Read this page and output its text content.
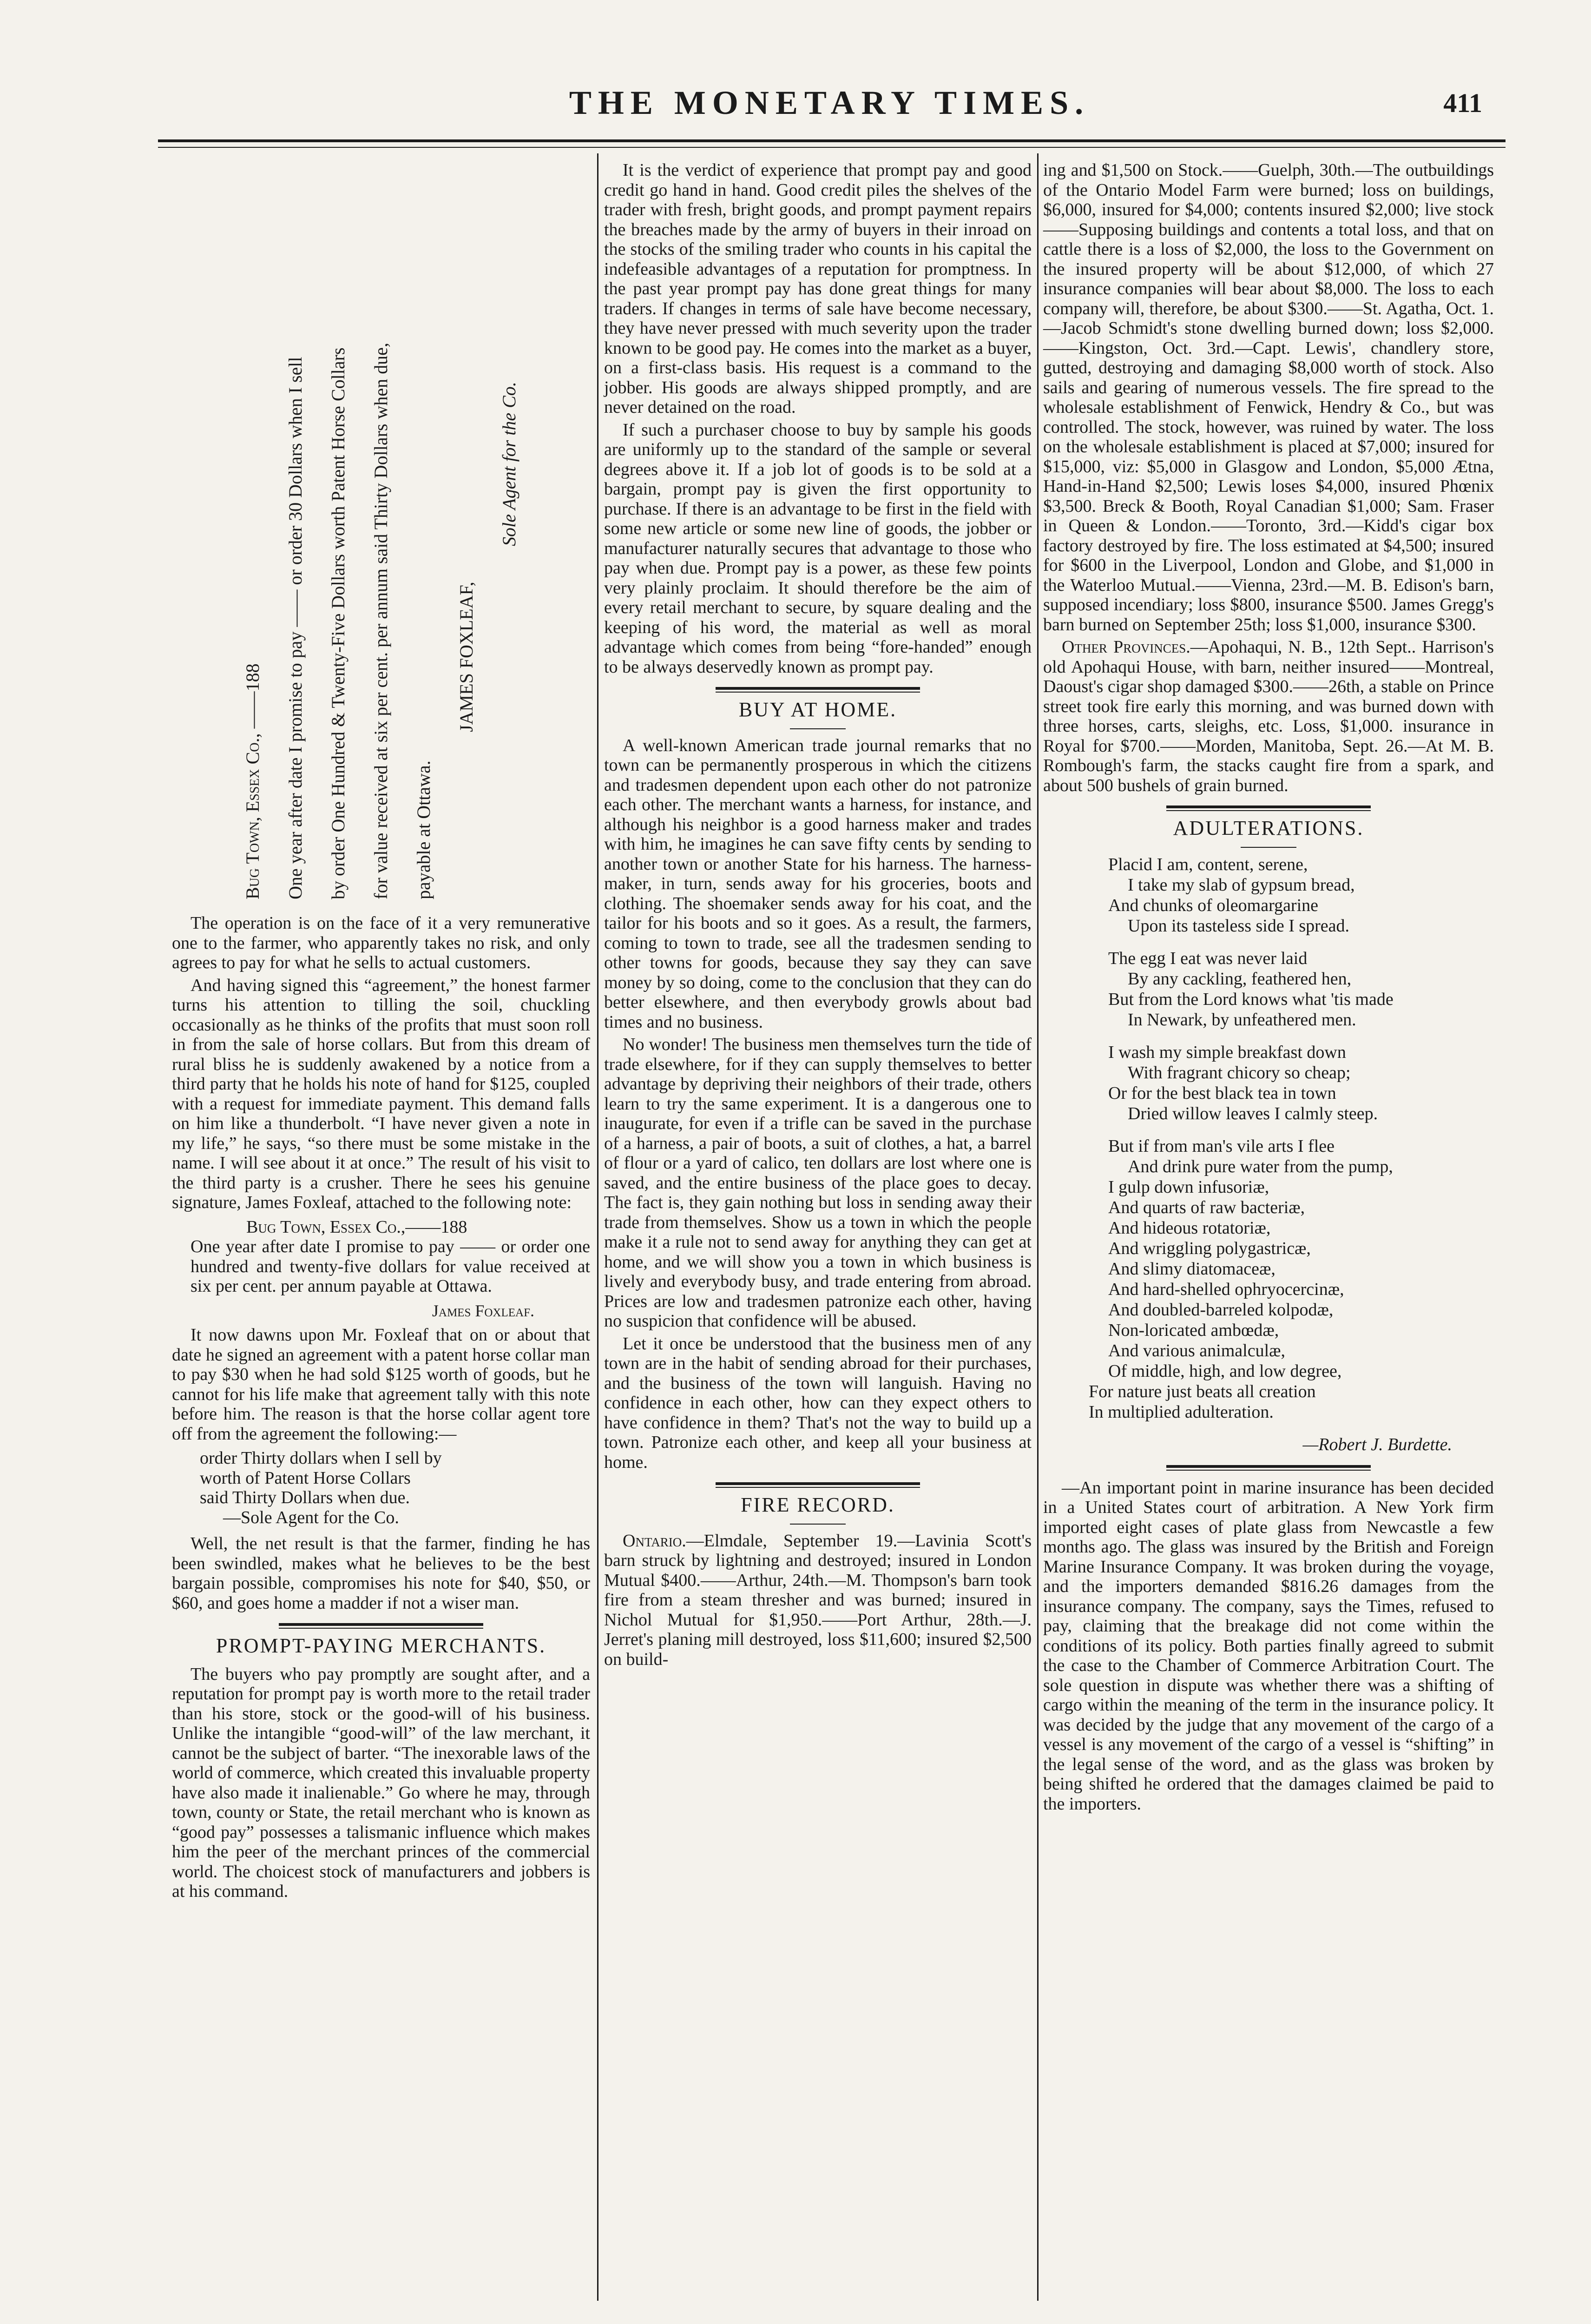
THE MONETARY TIMES.	411
Bug Town, Essex Co., ——188	One year after date I promise to pay —— or order 30 Dollars when I sell	by order One Hundred & Twenty-Five Dollars worth Patent Horse Collars	for value received at six per cent. per annum said Thirty Dollars when due,	payable at Ottawa.
JAMES FOXLEAF,
Sole Agent for the Co.

The operation is on the face of it a very remunerative one to the farmer, who apparently takes no risk, and only agrees to pay for what he sells to actual customers.

And having signed this “agreement,” the honest farmer turns his attention to tilling the soil, chuckling occasionally as he thinks of the profits that must soon roll in from the sale of horse collars. But from this dream of rural bliss he is suddenly awakened by a notice from a third party that he holds his note of hand for $125, coupled with a request for immediate payment. This demand falls on him like a thunderbolt. “I have never given a note in my life,” he says, “so there must be some mistake in the name. I will see about it at once.” The result of his visit to the third party is a crusher. There he sees his genuine signature, James Foxleaf, attached to the following note:

Bug Town, Essex Co.,——188
One year after date I promise to pay —— or order one hundred and twenty-five dollars for value received at six per cent. per annum payable at Ottawa.
James Foxleaf.

It now dawns upon Mr. Foxleaf that on or about that date he signed an agreement with a patent horse collar man to pay $30 when he had sold $125 worth of goods, but he cannot for his life make that agreement tally with this note before him. The reason is that the horse collar agent tore off from the agreement the following:—

order Thirty dollars when I sell by
worth of Patent Horse Collars
said Thirty Dollars when due.
—Sole Agent for the Co.

Well, the net result is that the farmer, finding he has been swindled, makes what he believes to be the best bargain possible, compromises his note for $40, $50, or $60, and goes home a madder if not a wiser man.

PROMPT-PAYING MERCHANTS.

The buyers who pay promptly are sought after, and a reputation for prompt pay is worth more to the retail trader than his store, stock or the good-will of his business. Unlike the intangible “good-will” of the law merchant, it cannot be the subject of barter. “The inexorable laws of the world of commerce, which created this invaluable property have also made it inalienable.” Go where he may, through town, county or State, the retail merchant who is known as “good pay” possesses a talismanic influence which makes him the peer of the merchant princes of the commercial world. The choicest stock of manufacturers and jobbers is at his command.

It is the verdict of experience that prompt pay and good credit go hand in hand. Good credit piles the shelves of the trader with fresh, bright goods, and prompt payment repairs the breaches made by the army of buyers in their inroad on the stocks of the smiling trader who counts in his capital the indefeasible advantages of a reputation for promptness. In the past year prompt pay has done great things for many traders. If changes in terms of sale have become necessary, they have never pressed with much severity upon the trader known to be good pay. He comes into the market as a buyer, on a first-class basis. His request is a command to the jobber. His goods are always shipped promptly, and are never detained on the road.

If such a purchaser choose to buy by sample his goods are uniformly up to the standard of the sample or several degrees above it. If a job lot of goods is to be sold at a bargain, prompt pay is given the first opportunity to purchase. If there is an advantage to be first in the field with some new article or some new line of goods, the jobber or manufacturer naturally secures that advantage to those who pay when due. Prompt pay is a power, as these few points very plainly proclaim. It should therefore be the aim of every retail merchant to secure, by square dealing and the keeping of his word, the material as well as moral advantage which comes from being “fore-handed” enough to be always deservedly known as prompt pay.

BUY AT HOME.

A well-known American trade journal remarks that no town can be permanently prosperous in which the citizens and tradesmen dependent upon each other do not patronize each other. The merchant wants a harness, for instance, and although his neighbor is a good harness maker and trades with him, he imagines he can save fifty cents by sending to another town or another State for his harness. The harness-maker, in turn, sends away for his groceries, boots and clothing. The shoemaker sends away for his coat, and the tailor for his boots and so it goes. As a result, the farmers, coming to town to trade, see all the tradesmen sending to other towns for goods, because they say they can save money by so doing, come to the conclusion that they can do better elsewhere, and then everybody growls about bad times and no business.

No wonder! The business men themselves turn the tide of trade elsewhere, for if they can supply themselves to better advantage by depriving their neighbors of their trade, others learn to try the same experiment. It is a dangerous one to inaugurate, for even if a trifle can be saved in the purchase of a harness, a pair of boots, a suit of clothes, a hat, a barrel of flour or a yard of calico, ten dollars are lost where one is saved, and the entire business of the place goes to decay. The fact is, they gain nothing but loss in sending away their trade from themselves. Show us a town in which the people make it a rule not to send away for anything they can get at home, and we will show you a town in which business is lively and everybody busy, and trade entering from abroad. Prices are low and tradesmen patronize each other, having no suspicion that confidence will be abused.

Let it once be understood that the business men of any town are in the habit of sending abroad for their purchases, and the business of the town will languish. Having no confidence in each other, how can they expect others to have confidence in them? That's not the way to build up a town. Patronize each other, and keep all your business at home.

FIRE RECORD.

Ontario.—Elmdale, September 19.—Lavinia Scott's barn struck by lightning and destroyed; insured in London Mutual $400.——Arthur, 24th.—M. Thompson's barn took fire from a steam thresher and was burned; insured in Nichol Mutual for $1,950.——Port Arthur, 28th.—J. Jerret's planing mill destroyed, loss $11,600; insured $2,500 on build-

ing and $1,500 on Stock.——Guelph, 30th.—The outbuildings of the Ontario Model Farm were burned; loss on buildings, $6,000, insured for $4,000; contents insured $2,000; live stock——Supposing buildings and contents a total loss, and that on cattle there is a loss of $2,000, the loss to the Government on the insured property will be about $12,000, of which 27 insurance companies will bear about $8,000. The loss to each company will, therefore, be about $300.——St. Agatha, Oct. 1.—Jacob Schmidt's stone dwelling burned down; loss $2,000.——Kingston, Oct. 3rd.—Capt. Lewis', chandlery store, gutted, destroying and damaging $8,000 worth of stock. Also sails and gearing of numerous vessels. The fire spread to the wholesale establishment of Fenwick, Hendry & Co., but was controlled. The stock, however, was ruined by water. The loss on the wholesale establishment is placed at $7,000; insured for $15,000, viz: $5,000 in Glasgow and London, $5,000 Ætna, Hand-in-Hand $2,500; Lewis loses $4,000, insured Phœnix $3,500. Breck & Booth, Royal Canadian $1,000; Sam. Fraser in Queen & London.——Toronto, 3rd.—Kidd's cigar box factory destroyed by fire. The loss estimated at $4,500; insured for $600 in the Liverpool, London and Globe, and $1,000 in the Waterloo Mutual.——Vienna, 23rd.—M. B. Edison's barn, supposed incendiary; loss $800, insurance $500. James Gregg's barn burned on September 25th; loss $1,000, insurance $300.

Other Provinces.—Apohaqui, N. B., 12th Sept.. Harrison's old Apohaqui House, with barn, neither insured——Montreal, Daoust's cigar shop damaged $300.——26th, a stable on Prince street took fire early this morning, and was burned down with three horses, carts, sleighs, etc. Loss, $1,000. insurance in Royal for $700.——Morden, Manitoba, Sept. 26.—At M. B. Rombough's farm, the stacks caught fire from a spark, and about 500 bushels of grain burned.

ADULTERATIONS.
Placid I am, content, serene,
I take my slab of gypsum bread,
And chunks of oleomargarine
Upon its tasteless side I spread.
The egg I eat was never laid
By any cackling, feathered hen,
But from the Lord knows what 'tis made
In Newark, by unfeathered men.
I wash my simple breakfast down
With fragrant chicory so cheap;
Or for the best black tea in town
Dried willow leaves I calmly steep.
But if from man's vile arts I flee
And drink pure water from the pump,
I gulp down infusoriæ,
And quarts of raw bacteriæ,
And hideous rotatoriæ,
And wriggling polygastricæ,
And slimy diatomaceæ,
And hard-shelled ophryocercinæ,
And doubled-barreled kolpodæ,
Non-loricated ambœdæ,
And various animalculæ,
Of middle, high, and low degree,
For nature just beats all creation
In multiplied adulteration.
—Robert J. Burdette.

—An important point in marine insurance has been decided in a United States court of arbitration. A New York firm imported eight cases of plate glass from Newcastle a few months ago. The glass was insured by the British and Foreign Marine Insurance Company. It was broken during the voyage, and the importers demanded $816.26 damages from the insurance company. The company, says the Times, refused to pay, claiming that the breakage did not come within the conditions of its policy. Both parties finally agreed to submit the case to the Chamber of Commerce Arbitration Court. The sole question in dispute was whether there was a shifting of cargo within the meaning of the term in the insurance policy. It was decided by the judge that any movement of the cargo of a vessel is any movement of the cargo of a vessel is “shifting” in the legal sense of the word, and as the glass was broken by being shifted he ordered that the damages claimed be paid to the importers.
